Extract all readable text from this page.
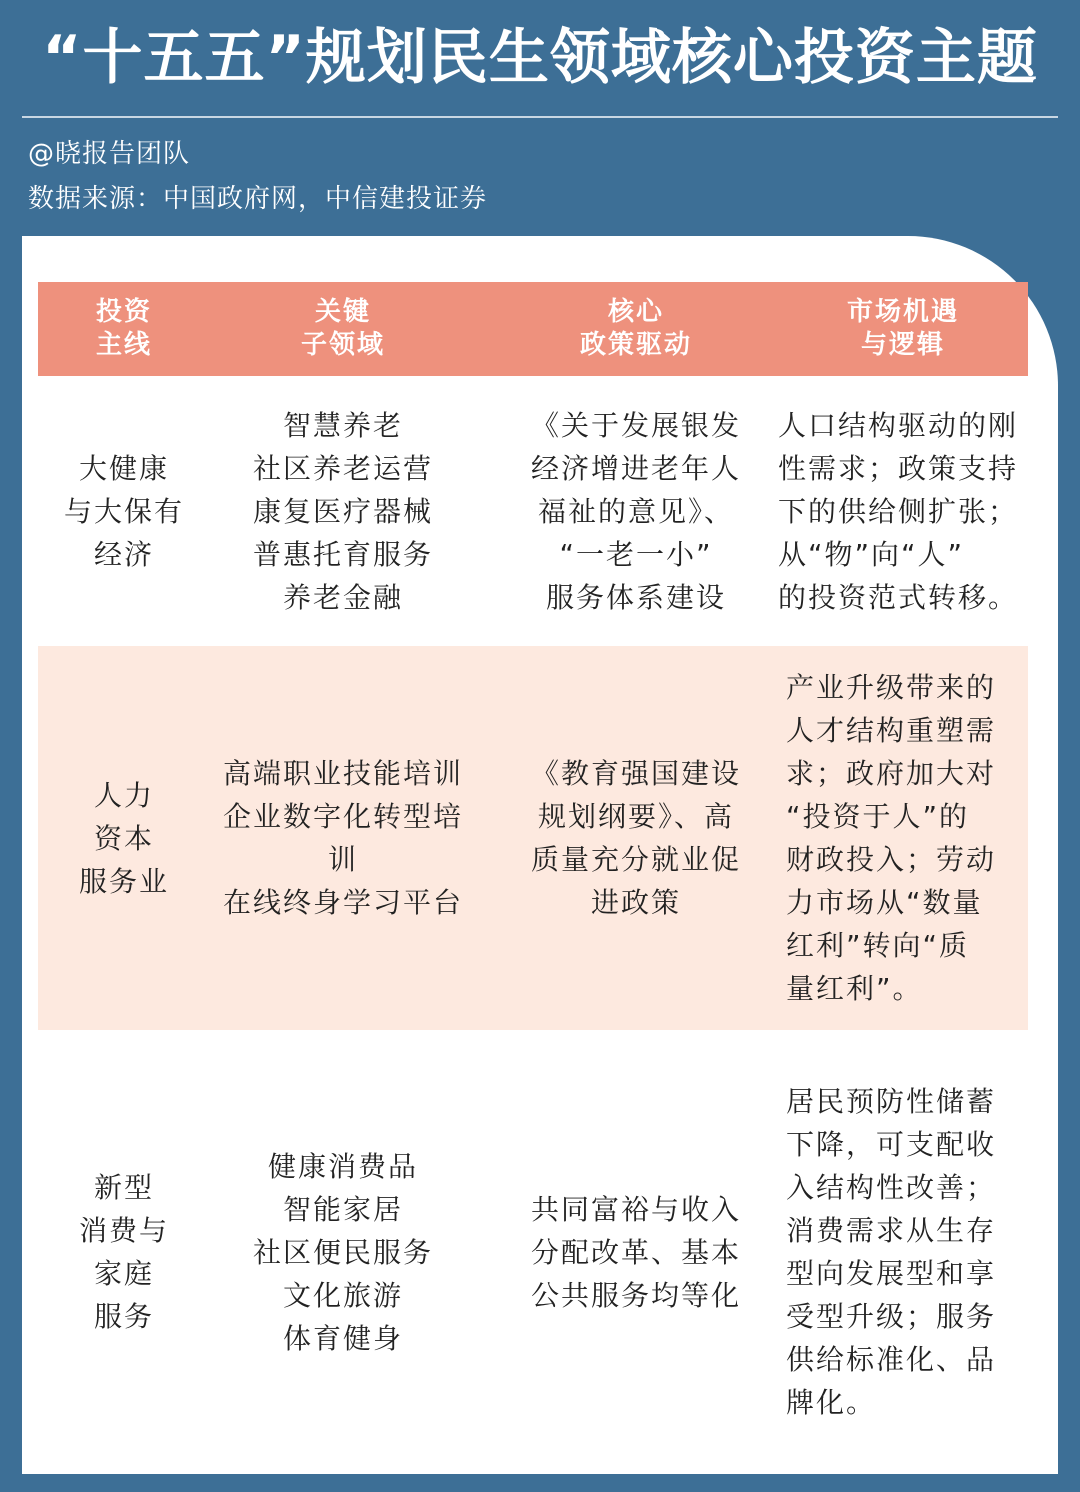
“十五五”规划民生领域核心投资主题
@晓报告团队
数据来源：中国政府网，中信建投证券
投资
主线
关键
子领域
核心
政策驱动
市场机遇
与逻辑
大健康
与大保有
经济
智慧养老
社区养老运营
康复医疗器械
普惠托育服务
养老金融
《关于发展银发
经济增进老年人
福祉的意见》、
“一老一小”
服务体系建设
人口结构驱动的刚
性需求；政策支持
下的供给侧扩张；
从“物”向“人”
的投资范式转移。
人力
资本
服务业
高端职业技能培训
企业数字化转型培训
在线终身学习平台
《教育强国建设
规划纲要》、高
质量充分就业促
进政策
产业升级带来的
人才结构重塑需
求；政府加大对
“投资于人”的
财政投入；劳动
力市场从“数量
红利”转向“质
量红利”。
新型
消费与
家庭
服务
健康消费品
智能家居
社区便民服务
文化旅游
体育健身
共同富裕与收入
分配改革、基本
公共服务均等化
居民预防性储蓄
下降，可支配收
入结构性改善；
消费需求从生存
型向发展型和享
受型升级；服务
供给标准化、品
牌化。
